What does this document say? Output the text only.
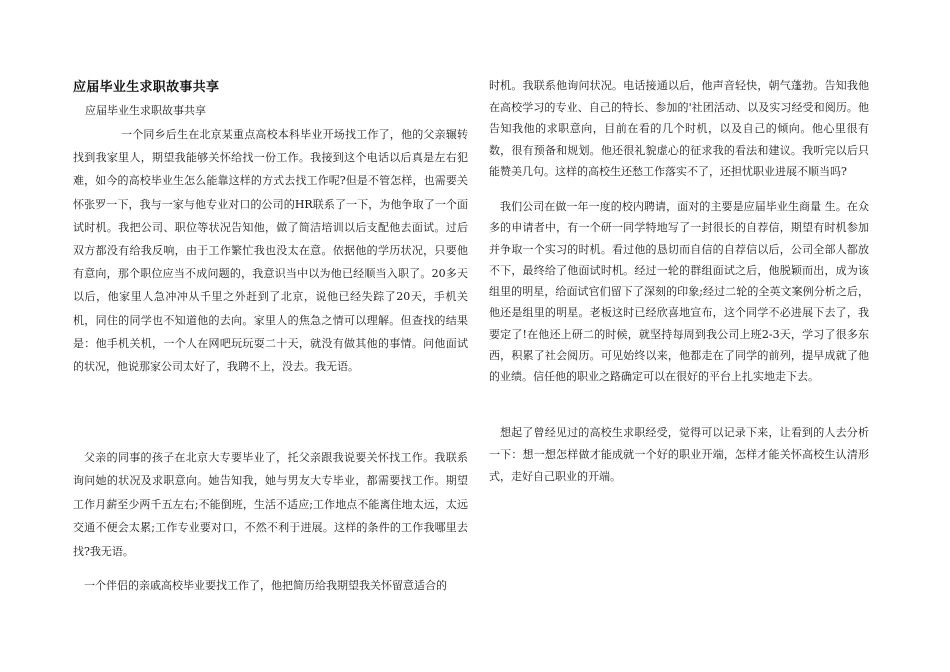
应届毕业生求职故事共享
应届毕业生求职故事共享

一个同乡后生在北京某重点高校本科毕业开场找工作了，他的父亲辗转找到我家里人，期望我能够关怀给找一份工作。我接到这个电话以后真是左右犯难，如今的高校毕业生怎么能靠这样的方式去找工作呢?但是不管怎样，也需要关怀张罗一下，我与一家与他专业对口的公司的HR联系了一下，为他争取了一个面试时机。我把公司、职位等状况告知他，做了简洁培训以后支配他去面试。过后双方都没有给我反响，由于工作繁忙我也没太在意。依据他的学历状况，只要他有意向，那个职位应当不成问题的，我意识当中以为他已经顺当入职了。20多天以后，他家里人急冲冲从千里之外赶到了北京，说他已经失踪了20天，手机关机，同住的同学也不知道他的去向。家里人的焦急之情可以理解。但查找的结果是：他手机关机，一个人在网吧玩玩耍二十天，就没有做其他的事情。问他面试的状况，他说那家公司太好了，我聘不上，没去。我无语。

父亲的同事的孩子在北京大专要毕业了，托父亲跟我说要关怀找工作。我联系询问她的状况及求职意向。她告知我，她与男友大专毕业，都需要找工作。期望工作月薪至少两千五左右;不能倒班，生活不适应;工作地点不能离住地太远，太远交通不便会太累;工作专业要对口，不然不利于进展。这样的条件的工作我哪里去找?我无语。

一个伴侣的亲戚高校毕业要找工作了，他把简历给我期望我关怀留意适合的

时机。我联系他询问状况。电话接通以后，他声音轻快，朝气蓬勃。告知我他在高校学习的专业、自己的特长、参加的'社团活动、以及实习经受和阅历。他告知我他的求职意向，目前在看的几个时机，以及自己的倾向。他心里很有数，很有预备和规划。他还很礼貌虚心的征求我的看法和建议。我听完以后只能赞美几句。这样的高校生还愁工作落实不了，还担忧职业进展不顺当吗?

我们公司在做一年一度的校内聘请，面对的主要是应届毕业生商量 生。在众多的申请者中，有一个研一同学特地写了一封很长的自荐信，期望有时机参加并争取一个实习的时机。看过他的恳切而自信的自荐信以后，公司全部人都放不下，最终给了他面试时机。经过一轮的群组面试之后，他脱颖而出，成为该组里的明星，给面试官们留下了深刻的印象;经过二轮的全英文案例分析之后，他还是组里的明星。老板这时已经欣喜地宣布，这个同学不必进展下去了，我要定了!在他还上研二的时候，就坚持每周到我公司上班2-3天，学习了很多东西，积累了社会阅历。可见始终以来，他都走在了同学的前列，提早成就了他的业绩。信任他的职业之路确定可以在很好的平台上扎实地走下去。

想起了曾经见过的高校生求职经受，觉得可以记录下来，让看到的人去分析一下：想一想怎样做才能成就一个好的职业开端，怎样才能关怀高校生认清形式，走好自己职业的开端。
